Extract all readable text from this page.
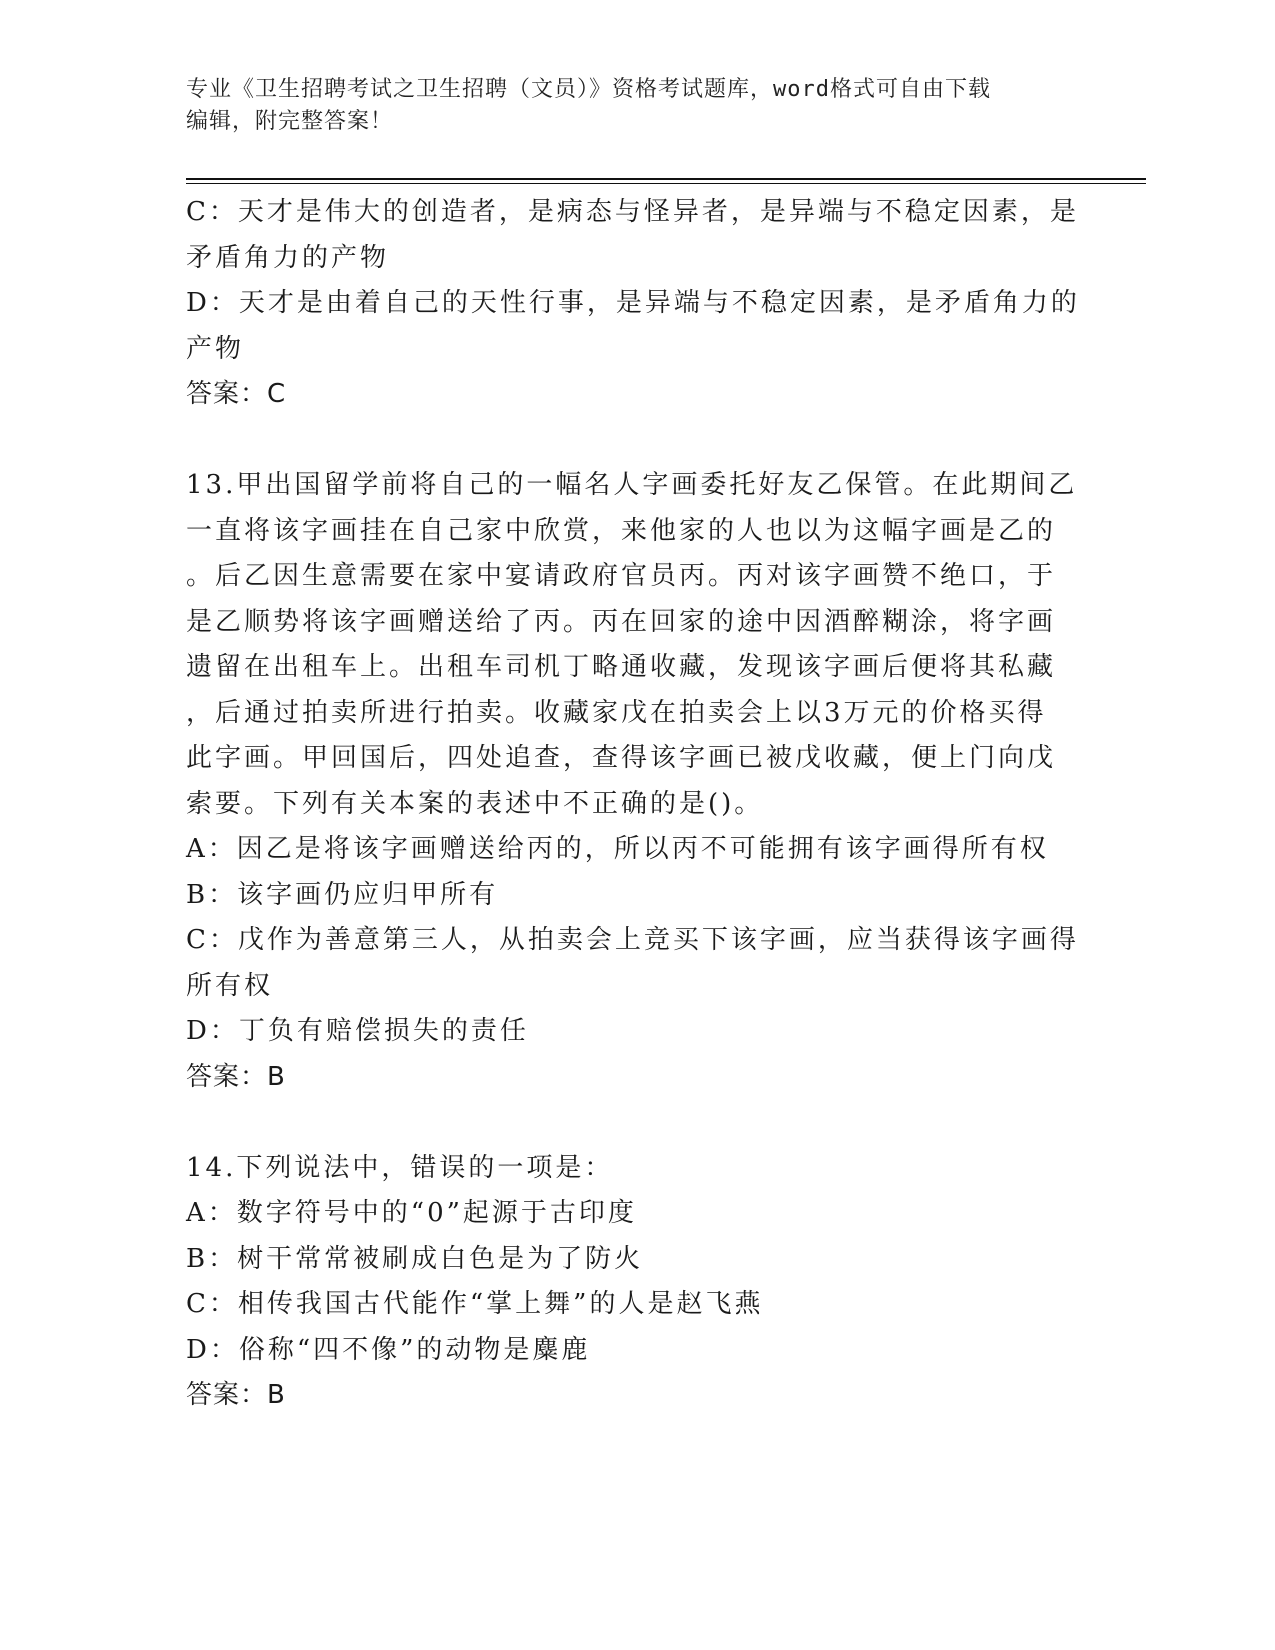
专业《卫生招聘考试之卫生招聘（文员）》资格考试题库，word格式可自由下载
编辑，附完整答案！
C：天才是伟大的创造者，是病态与怪异者，是异端与不稳定因素，是
矛盾角力的产物
D：天才是由着自己的天性行事，是异端与不稳定因素，是矛盾角力的
产物
答案：C
13.甲出国留学前将自己的一幅名人字画委托好友乙保管。在此期间乙
一直将该字画挂在自己家中欣赏，来他家的人也以为这幅字画是乙的
。后乙因生意需要在家中宴请政府官员丙。丙对该字画赞不绝口，于
是乙顺势将该字画赠送给了丙。丙在回家的途中因酒醉糊涂，将字画
遗留在出租车上。出租车司机丁略通收藏，发现该字画后便将其私藏
，后通过拍卖所进行拍卖。收藏家戊在拍卖会上以3万元的价格买得
此字画。甲回国后，四处追查，查得该字画已被戊收藏，便上门向戊
索要。下列有关本案的表述中不正确的是()。
A：因乙是将该字画赠送给丙的，所以丙不可能拥有该字画得所有权
B：该字画仍应归甲所有
C：戊作为善意第三人，从拍卖会上竞买下该字画，应当获得该字画得
所有权
D：丁负有赔偿损失的责任
答案：B
14.下列说法中，错误的一项是：
A：数字符号中的“0”起源于古印度
B：树干常常被刷成白色是为了防火
C：相传我国古代能作“掌上舞”的人是赵飞燕
D：俗称“四不像”的动物是麋鹿
答案：B
